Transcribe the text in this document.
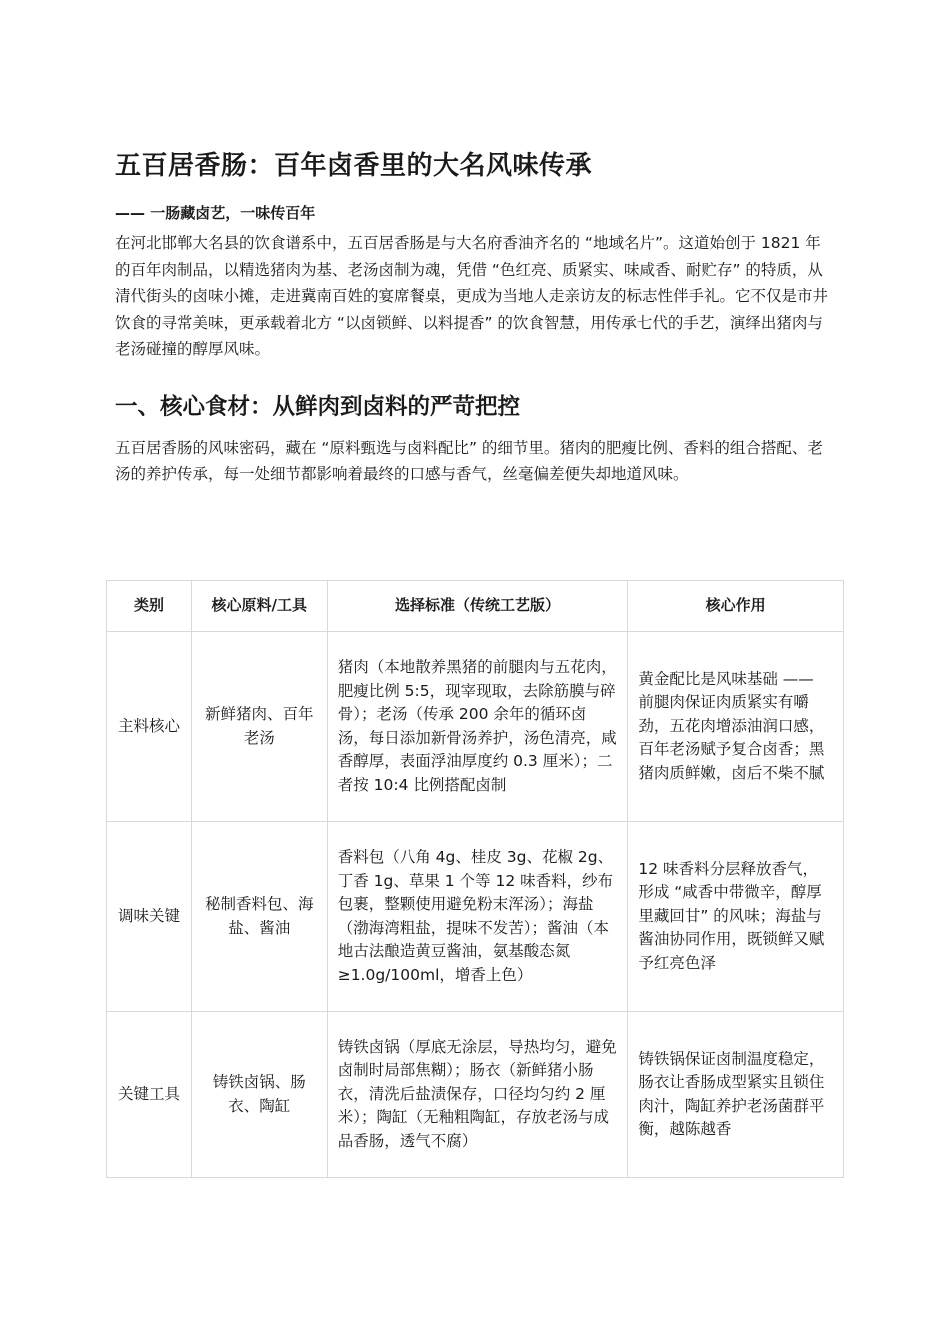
五百居香肠：百年卤香里的大名风味传承
—— 一肠藏卤艺，一味传百年

在河北邯郸大名县的饮食谱系中，五百居香肠是与大名府香油齐名的 “地域名片”。这道始创于 1821 年的百年肉制品，以精选猪肉为基、老汤卤制为魂，凭借 “色红亮、质紧实、味咸香、耐贮存” 的特质，从清代街头的卤味小摊，走进冀南百姓的宴席餐桌，更成为当地人走亲访友的标志性伴手礼。它不仅是市井饮食的寻常美味，更承载着北方 “以卤锁鲜、以料提香” 的饮食智慧，用传承七代的手艺，演绎出猪肉与老汤碰撞的醇厚风味。

一、核心食材：从鲜肉到卤料的严苛把控

五百居香肠的风味密码，藏在 “原料甄选与卤料配比” 的细节里。猪肉的肥瘦比例、香料的组合搭配、老汤的养护传承，每一处细节都影响着最终的口感与香气，丝毫偏差便失却地道风味。

类别	核心原料/工具	选择标准（传统工艺版）	核心作用
主料核心	新鲜猪肉、百年老汤	猪肉（本地散养黑猪的前腿肉与五花肉，肥瘦比例 5:5，现宰现取，去除筋膜与碎骨）；老汤（传承 200 余年的循环卤汤，每日添加新骨汤养护，汤色清亮，咸香醇厚，表面浮油厚度约 0.3 厘米）；二者按 10:4 比例搭配卤制	黄金配比是风味基础 —— 前腿肉保证肉质紧实有嚼劲，五花肉增添油润口感，百年老汤赋予复合卤香；黑猪肉质鲜嫩，卤后不柴不腻
调味关键	秘制香料包、海盐、酱油	香料包（八角 4g、桂皮 3g、花椒 2g、丁香 1g、草果 1 个等 12 味香料，纱布包裹，整颗使用避免粉末浑汤）；海盐（渤海湾粗盐，提味不发苦）；酱油（本地古法酿造黄豆酱油，氨基酸态氮≥1.0g/100ml，增香上色）	12 味香料分层释放香气，形成 “咸香中带微辛，醇厚里藏回甘” 的风味；海盐与酱油协同作用，既锁鲜又赋予红亮色泽
关键工具	铸铁卤锅、肠衣、陶缸	铸铁卤锅（厚底无涂层，导热均匀，避免卤制时局部焦糊）；肠衣（新鲜猪小肠衣，清洗后盐渍保存，口径均匀约 2 厘米）；陶缸（无釉粗陶缸，存放老汤与成品香肠，透气不腐）	铸铁锅保证卤制温度稳定，肠衣让香肠成型紧实且锁住肉汁，陶缸养护老汤菌群平衡，越陈越香
